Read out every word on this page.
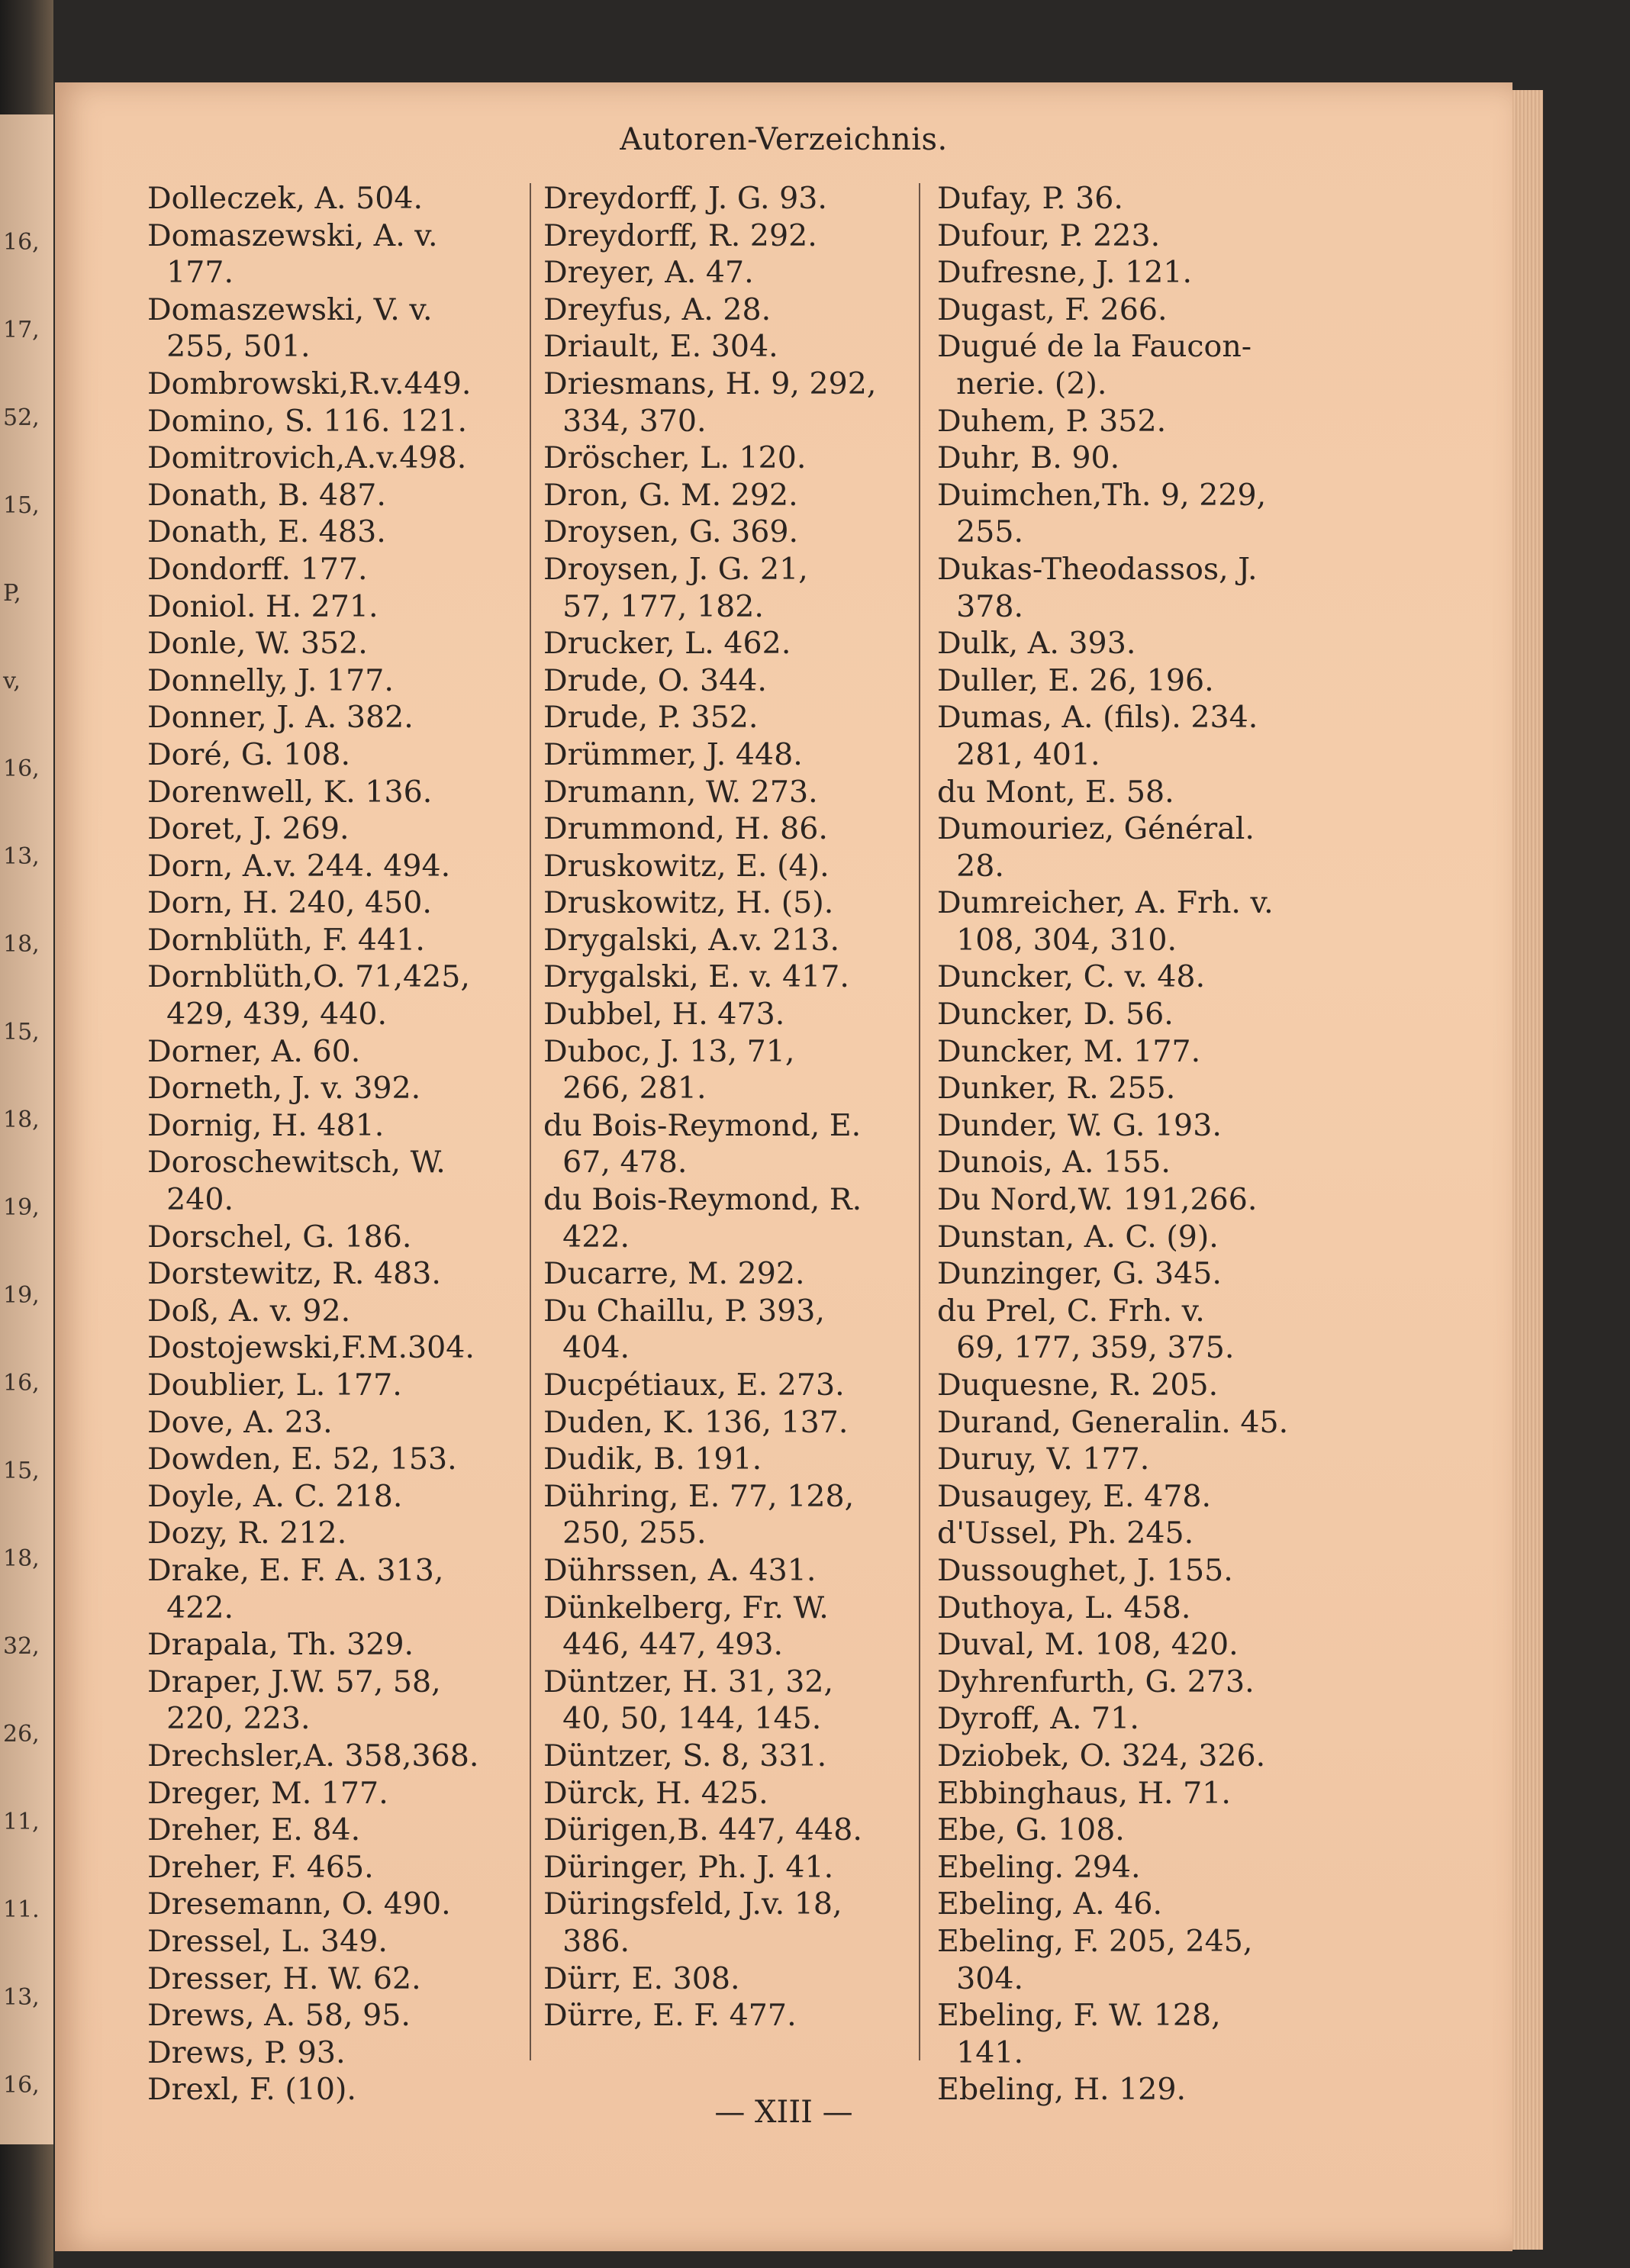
16,
17,
52,
15,
P,
v,
16,
13,
18,
15,
18,
19,
19,
16,
15,
18,
32,
26,
11,
11.
13,
16,
Autoren-Verzeichnis.

Dolleczek, A. 504.

Domaszewski, A. v.

177.

Domaszewski, V. v.

255, 501.

Dombrowski,R.v.449.

Domino, S. 116. 121.

Domitrovich,A.v.498.

Donath, B. 487.

Donath, E. 483.

Dondorff. 177.

Doniol. H. 271.

Donle, W. 352.

Donnelly, J. 177.

Donner, J. A. 382.

Doré, G. 108.

Dorenwell, K. 136.

Doret, J. 269.

Dorn, A.v. 244. 494.

Dorn, H. 240, 450.

Dornblüth, F. 441.

Dornblüth,O. 71,425,

429, 439, 440.

Dorner, A. 60.

Dorneth, J. v. 392.

Dornig, H. 481.

Doroschewitsch, W.

240.

Dorschel, G. 186.

Dorstewitz, R. 483.

Doß, A. v. 92.

Dostojewski,F.M.304.

Doublier, L. 177.

Dove, A. 23.

Dowden, E. 52, 153.

Doyle, A. C. 218.

Dozy, R. 212.

Drake, E. F. A. 313,

422.

Drapala, Th. 329.

Draper, J.W. 57, 58,

220, 223.

Drechsler,A. 358,368.

Dreger, M. 177.

Dreher, E. 84.

Dreher, F. 465.

Dresemann, O. 490.

Dressel, L. 349.

Dresser, H. W. 62.

Drews, A. 58, 95.

Drews, P. 93.

Drexl, F. (10).

Dreydorff, J. G. 93.

Dreydorff, R. 292.

Dreyer, A. 47.

Dreyfus, A. 28.

Driault, E. 304.

Driesmans, H. 9, 292,

334, 370.

Dröscher, L. 120.

Dron, G. M. 292.

Droysen, G. 369.

Droysen, J. G. 21,

57, 177, 182.

Drucker, L. 462.

Drude, O. 344.

Drude, P. 352.

Drümmer, J. 448.

Drumann, W. 273.

Drummond, H. 86.

Druskowitz, E. (4).

Druskowitz, H. (5).

Drygalski, A.v. 213.

Drygalski, E. v. 417.

Dubbel, H. 473.

Duboc, J. 13, 71,

266, 281.

du Bois-Reymond, E.

67, 478.

du Bois-Reymond, R.

422.

Ducarre, M. 292.

Du Chaillu, P. 393,

404.

Ducpétiaux, E. 273.

Duden, K. 136, 137.

Dudik, B. 191.

Dühring, E. 77, 128,

250, 255.

Dührssen, A. 431.

Dünkelberg, Fr. W.

446, 447, 493.

Düntzer, H. 31, 32,

40, 50, 144, 145.

Düntzer, S. 8, 331.

Dürck, H. 425.

Dürigen,B. 447, 448.

Düringer, Ph. J. 41.

Düringsfeld, J.v. 18,

386.

Dürr, E. 308.

Dürre, E. F. 477.

Dufay, P. 36.

Dufour, P. 223.

Dufresne, J. 121.

Dugast, F. 266.

Dugué de la Faucon-

nerie. (2).

Duhem, P. 352.

Duhr, B. 90.

Duimchen,Th. 9, 229,

255.

Dukas-Theodassos, J.

378.

Dulk, A. 393.

Duller, E. 26, 196.

Dumas, A. (fils). 234.

281, 401.

du Mont, E. 58.

Dumouriez, Général.

28.

Dumreicher, A. Frh. v.

108, 304, 310.

Duncker, C. v. 48.

Duncker, D. 56.

Duncker, M. 177.

Dunker, R. 255.

Dunder, W. G. 193.

Dunois, A. 155.

Du Nord,W. 191,266.

Dunstan, A. C. (9).

Dunzinger, G. 345.

du Prel, C. Frh. v.

69, 177, 359, 375.

Duquesne, R. 205.

Durand, Generalin. 45.

Duruy, V. 177.

Dusaugey, E. 478.

d'Ussel, Ph. 245.

Dussoughet, J. 155.

Duthoya, L. 458.

Duval, M. 108, 420.

Dyhrenfurth, G. 273.

Dyroff, A. 71.

Dziobek, O. 324, 326.

Ebbinghaus, H. 71.

Ebe, G. 108.

Ebeling. 294.

Ebeling, A. 46.

Ebeling, F. 205, 245,

304.

Ebeling, F. W. 128,

141.

Ebeling, H. 129.

— XIII —
